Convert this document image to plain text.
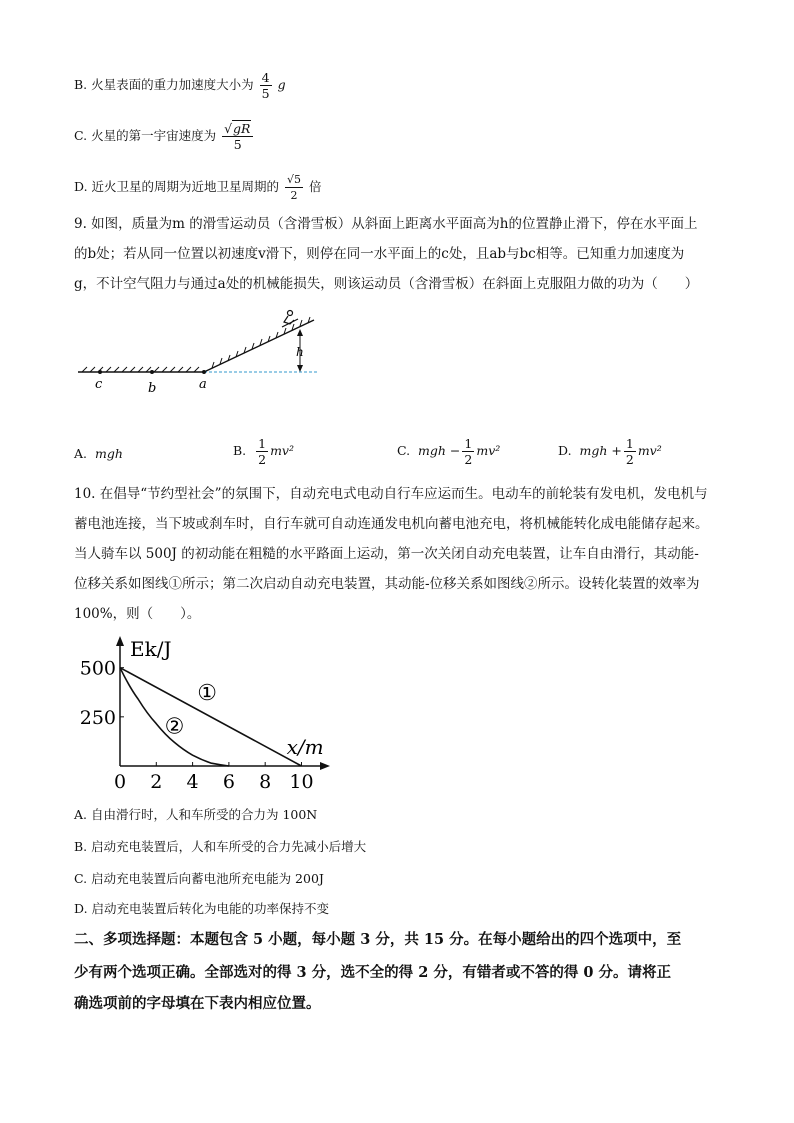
B. 火星表面的重力加速度大小为 $\frac{4}{5}$ g
C. 火星的第一宇宙速度为 $\frac{√gR}{5}$
D. 近火卫星的周期为近地卫星周期的 $\frac{√5}{2}$ 倍
9. 如图，质量为m 的滑雪运动员（含滑雪板）从斜面上距离水平面高为h的位置静止滑下，停在水平面上
的b处；若从同一位置以初速度v滑下，则停在同一水平面上的c处，且ab与bc相等。已知重力加速度为
g，不计空气阻力与通过a处的机械能损失，则该运动员（含滑雪板）在斜面上克服阻力做的功为（　　）
c	b	a
h
A. mgh	B. $\frac{1}{2} mv^2$	C. mgh − $\frac{1}{2} mv^2$	D. mgh + $\frac{1}{2} mv^2$
10. 在倡导“节约型社会”的氛围下，自动充电式电动自行车应运而生。电动车的前轮装有发电机，发电机与
蓄电池连接，当下坡或刹车时，自行车就可自动连通发电机向蓄电池充电，将机械能转化成电能储存起来。
当人骑车以 500J 的初动能在粗糙的水平路面上运动，第一次关闭自动充电装置，让车自由滑行，其动能-
位移关系如图线①所示；第二次启动自动充电装置，其动能-位移关系如图线②所示。设转化装置的效率为
100%，则（　　）。
0 2 4 6 8 10
250
500
①
②
Ek/J
x/m
A. 自由滑行时，人和车所受的合力为 100N
B. 启动充电装置后，人和车所受的合力先减小后增大
C. 启动充电装置后向蓄电池所充电能为 200J
D. 启动充电装置后转化为电能的功率保持不变
二、多项选择题：本题包含 5 小题，每小题 3 分，共 15 分。在每小题给出的四个选项中，至
少有两个选项正确。全部选对的得 3 分，选不全的得 2 分，有错者或不答的得 0 分。请将正
确选项前的字母填在下表内相应位置。
